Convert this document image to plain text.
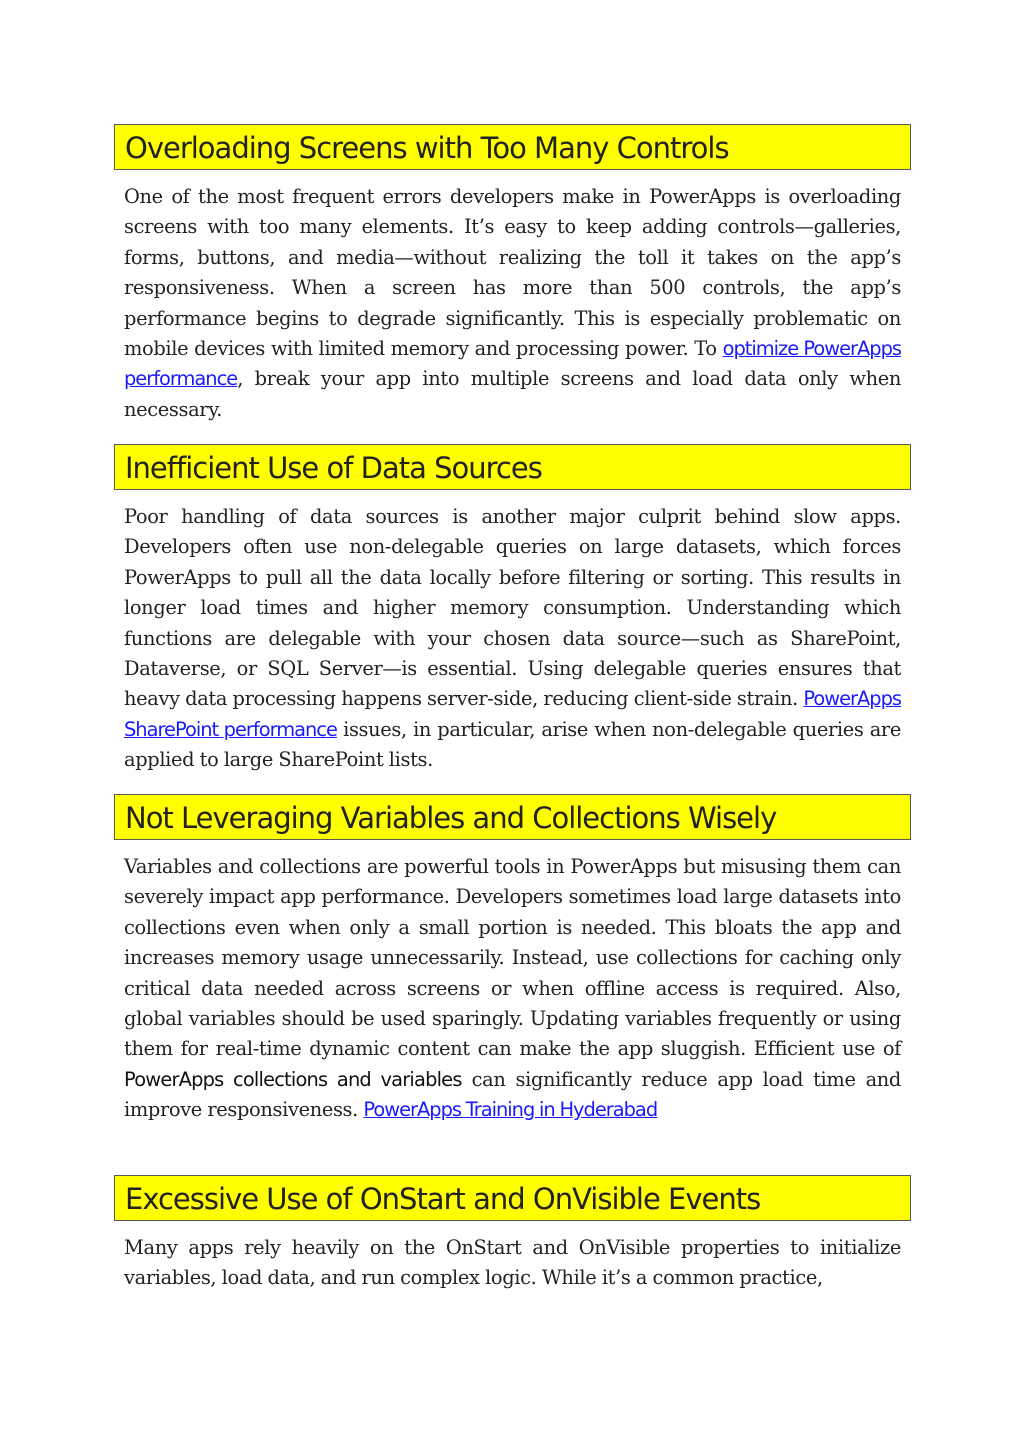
Overloading Screens with Too Many Controls

One of the most frequent errors developers make in PowerApps is overloading screens with too many elements. It’s easy to keep adding controls—galleries, forms, buttons, and media—without realizing the toll it takes on the app’s responsiveness. When a screen has more than 500 controls, the app’s performance begins to degrade significantly. This is especially problematic on mobile devices with limited memory and processing power. To optimize PowerApps performance, break your app into multiple screens and load data only when necessary.

Inefficient Use of Data Sources

Poor handling of data sources is another major culprit behind slow apps. Developers often use non-delegable queries on large datasets, which forces PowerApps to pull all the data locally before filtering or sorting. This results in longer load times and higher memory consumption. Understanding which functions are delegable with your chosen data source—such as SharePoint, Dataverse, or SQL Server—is essential. Using delegable queries ensures that heavy data processing happens server-side, reducing client-side strain. PowerApps SharePoint performance issues, in particular, arise when non-delegable queries are applied to large SharePoint lists.

Not Leveraging Variables and Collections Wisely

Variables and collections are powerful tools in PowerApps but misusing them can severely impact app performance. Developers sometimes load large datasets into collections even when only a small portion is needed. This bloats the app and increases memory usage unnecessarily. Instead, use collections for caching only critical data needed across screens or when offline access is required. Also, global variables should be used sparingly. Updating variables frequently or using them for real-time dynamic content can make the app sluggish. Efficient use of PowerApps collections and variables can significantly reduce app load time and improve responsiveness. PowerApps Training in Hyderabad

Excessive Use of OnStart and OnVisible Events

Many apps rely heavily on the OnStart and OnVisible properties to initialize variables, load data, and run complex logic. While it’s a common practice,
